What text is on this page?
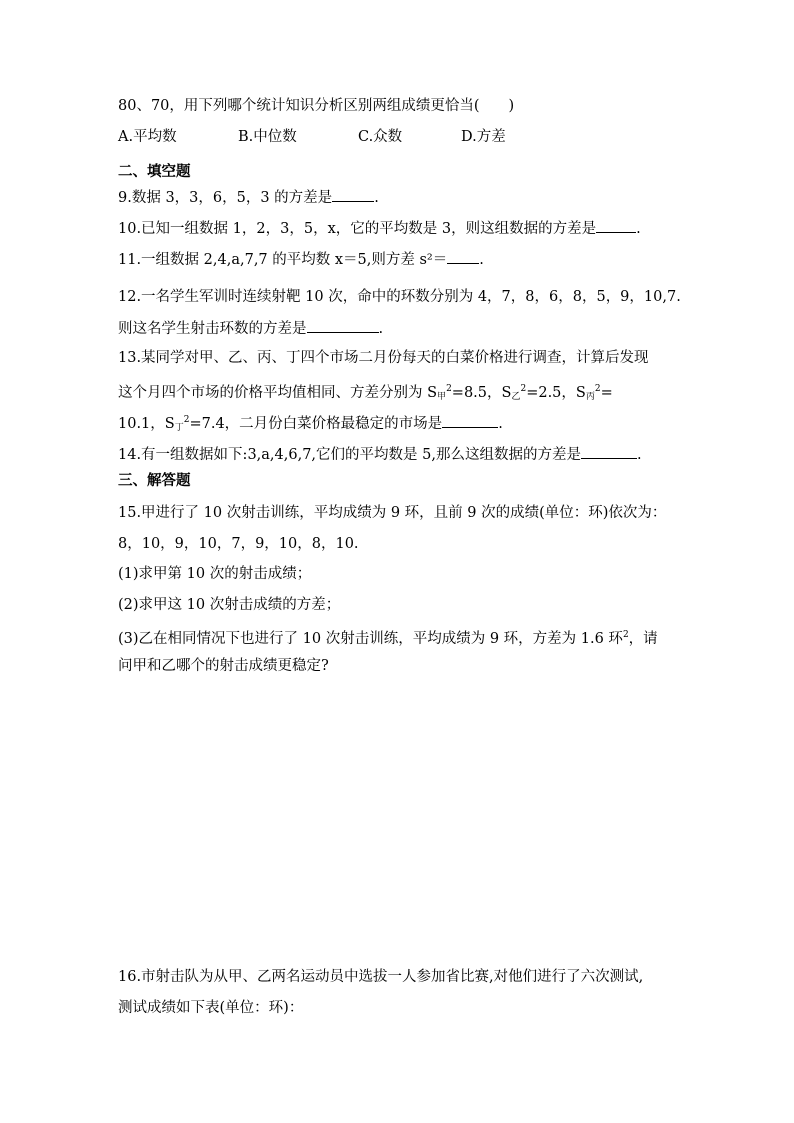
80、70，用下列哪个统计知识分析区别两组成绩更恰当(　　)
A.平均数	B.中位数	C.众数	D.方差
二、填空题
9.数据 3，3，6，5，3 的方差是	.
10.已知一组数据 1，2，3，5，x，它的平均数是 3，则这组数据的方差是	.
11.一组数据 2,4,a,7,7 的平均数 x＝5,则方差 s²＝ .
12.一名学生军训时连续射靶 10 次，命中的环数分别为 4，7，8，6，8，5，9，10,7.
则这名学生射击环数的方差是	.
13.某同学对甲、乙、丙、丁四个市场二月份每天的白菜价格进行调查，计算后发现
这个月四个市场的价格平均值相同、方差分别为 $S_甲^2=8.5$，$S_乙^2=2.5$，$S_丙^2=$
10.1，$S_丁^2=7.4$，二月份白菜价格最稳定的市场是	.
14.有一组数据如下:3,a,4,6,7,它们的平均数是 5,那么这组数据的方差是	.
三、解答题
15.甲进行了 10 次射击训练，平均成绩为 9 环，且前 9 次的成绩(单位：环)依次为：
8，10，9，10，7，9，10，8，10.
(1)求甲第 10 次的射击成绩；
(2)求甲这 10 次射击成绩的方差；
(3)乙在相同情况下也进行了 10 次射击训练，平均成绩为 9 环，方差为 1.6 环$^2$，请
问甲和乙哪个的射击成绩更稳定?
16.市射击队为从甲、乙两名运动员中选拔一人参加省比赛,对他们进行了六次测试,
测试成绩如下表(单位：环)：
